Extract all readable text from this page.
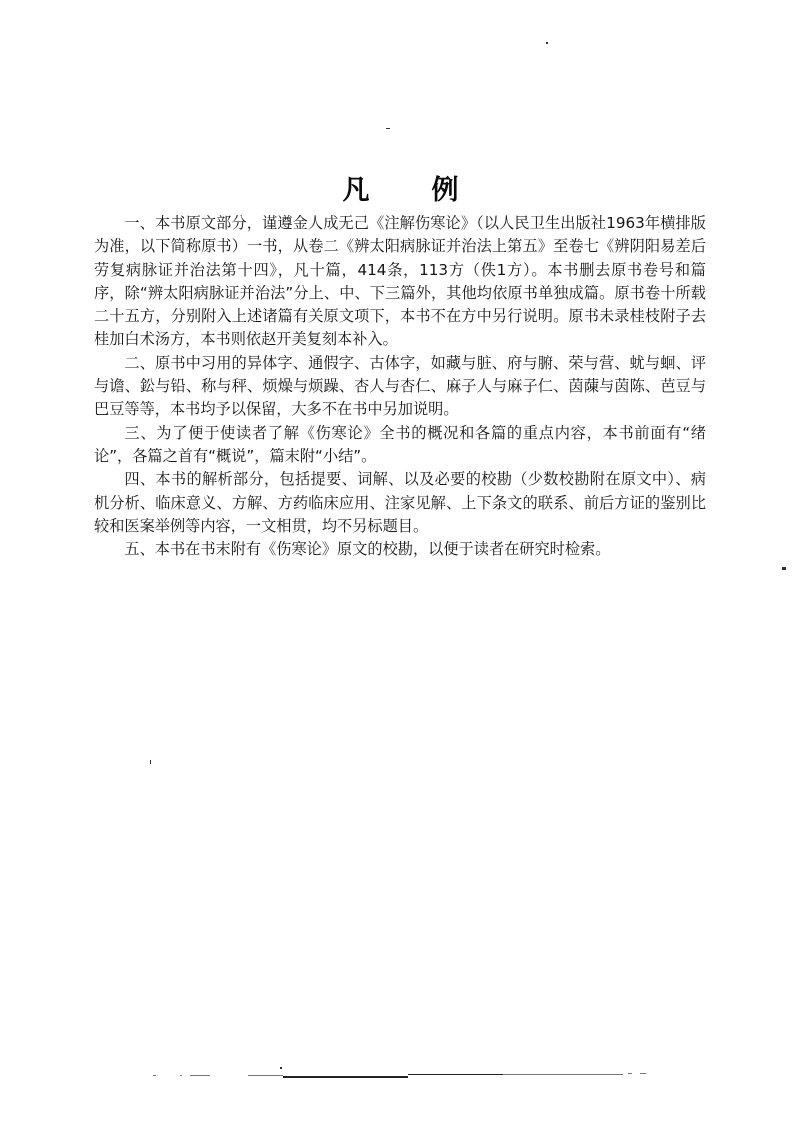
凡例

一、本书原文部分，谨遵金人成无己《注解伤寒论》（以人民卫生出版社1963年横排版为准，以下简称原书）一书，从卷二《辨太阳病脉证并治法上第五》至卷七《辨阴阳易差后劳复病脉证并治法第十四》，凡十篇，414条，113方（佚1方）。本书删去原书卷号和篇序，除“辨太阳病脉证并治法”分上、中、下三篇外，其他均依原书单独成篇。原书卷十所载二十五方，分别附入上述诸篇有关原文项下，本书不在方中另行说明。原书未录桂枝附子去桂加白术汤方，本书则依赵开美复刻本补入。

二、原书中习用的异体字、通假字、古体字，如藏与脏、府与腑、荣与营、蚘与蛔、评与谵、鈆与铅、称与秤、烦燥与烦躁、杏人与杏仁、麻子人与麻子仁、茵蔯与茵陈、芭豆与巴豆等等，本书均予以保留，大多不在书中另加说明。

三、为了便于使读者了解《伤寒论》全书的概况和各篇的重点内容，本书前面有“绪论”，各篇之首有“概说”，篇末附“小结”。

四、本书的解析部分，包括提要、词解、以及必要的校勘（少数校勘附在原文中）、病机分析、临床意义、方解、方药临床应用、注家见解、上下条文的联系、前后方证的鉴别比较和医案举例等内容，一文相贯，均不另标题目。

五、本书在书末附有《伤寒论》原文的校勘，以便于读者在研究时检索。
